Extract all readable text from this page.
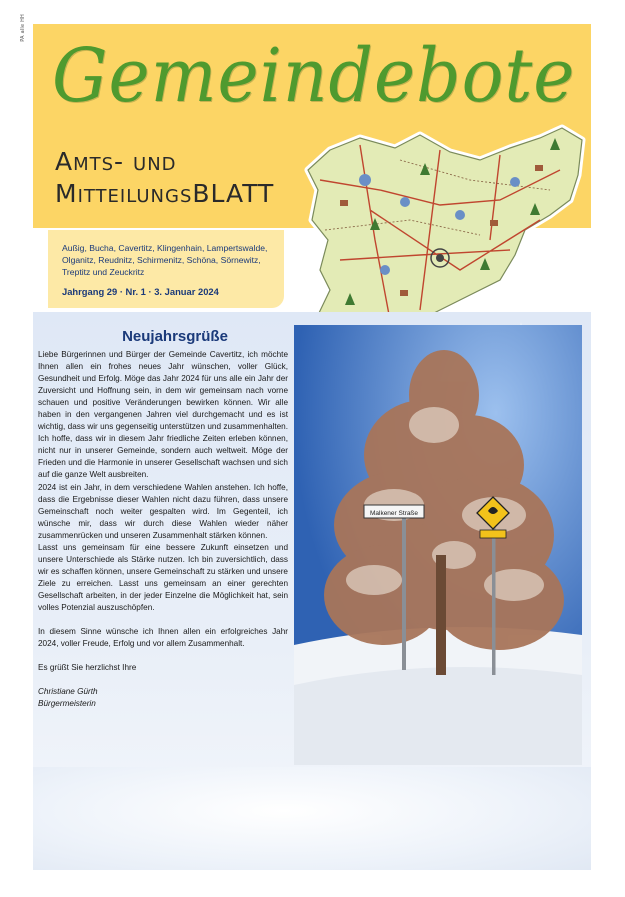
PA alle HH
Gemeindebote
Amts- und
MitteilungsBLATT
Außig, Bucha, Cavertitz, Klingenhain, Lampertswalde, Olganitz, Reudnitz, Schirmenitz, Schöna, Sörnewitz, Treptitz und Zeuckritz
Jahrgang 29 · Nr. 1 · 3. Januar 2024
Malkener Straße
Neujahrsgrüße

Liebe Bürgerinnen und Bürger der Gemeinde Cavertitz, ich möchte Ihnen allen ein frohes neues Jahr wünschen, voller Glück, Gesundheit und Erfolg. Möge das Jahr 2024 für uns alle ein Jahr der Zuversicht und Hoffnung sein, in dem wir gemeinsam nach vorne schauen und positive Veränderungen bewirken können. Wir alle haben in den vergangenen Jahren viel durchgemacht und es ist wichtig, dass wir uns gegenseitig unterstützen und zusammenhalten. Ich hoffe, dass wir in diesem Jahr friedliche Zeiten erleben können, nicht nur in unserer Gemeinde, sondern auch weltweit. Möge der Frieden und die Harmonie in unserer Gesellschaft wachsen und sich auf die ganze Welt ausbreiten.

2024 ist ein Jahr, in dem verschiedene Wahlen anstehen. Ich hoffe, dass die Ergebnisse dieser Wahlen nicht dazu führen, dass unsere Gemeinschaft noch weiter gespalten wird. Im Gegenteil, ich wünsche mir, dass wir durch diese Wahlen wieder näher zusammenrücken und unseren Zusammenhalt stärken können.

Lasst uns gemeinsam für eine bessere Zukunft einsetzen und unsere Unterschiede als Stärke nutzen. Ich bin zuversichtlich, dass wir es schaffen können, unsere Gemeinschaft zu stärken und unsere Ziele zu erreichen. Lasst uns gemeinsam an einer gerechten Gesellschaft arbeiten, in der jeder Einzelne die Möglichkeit hat, sein volles Potenzial auszuschöpfen.

In diesem Sinne wünsche ich Ihnen allen ein erfolgreiches Jahr 2024, voller Freude, Erfolg und vor allem Zusammenhalt.

Es grüßt Sie herzlichst Ihre

Christiane Gürth

Bürgermeisterin
